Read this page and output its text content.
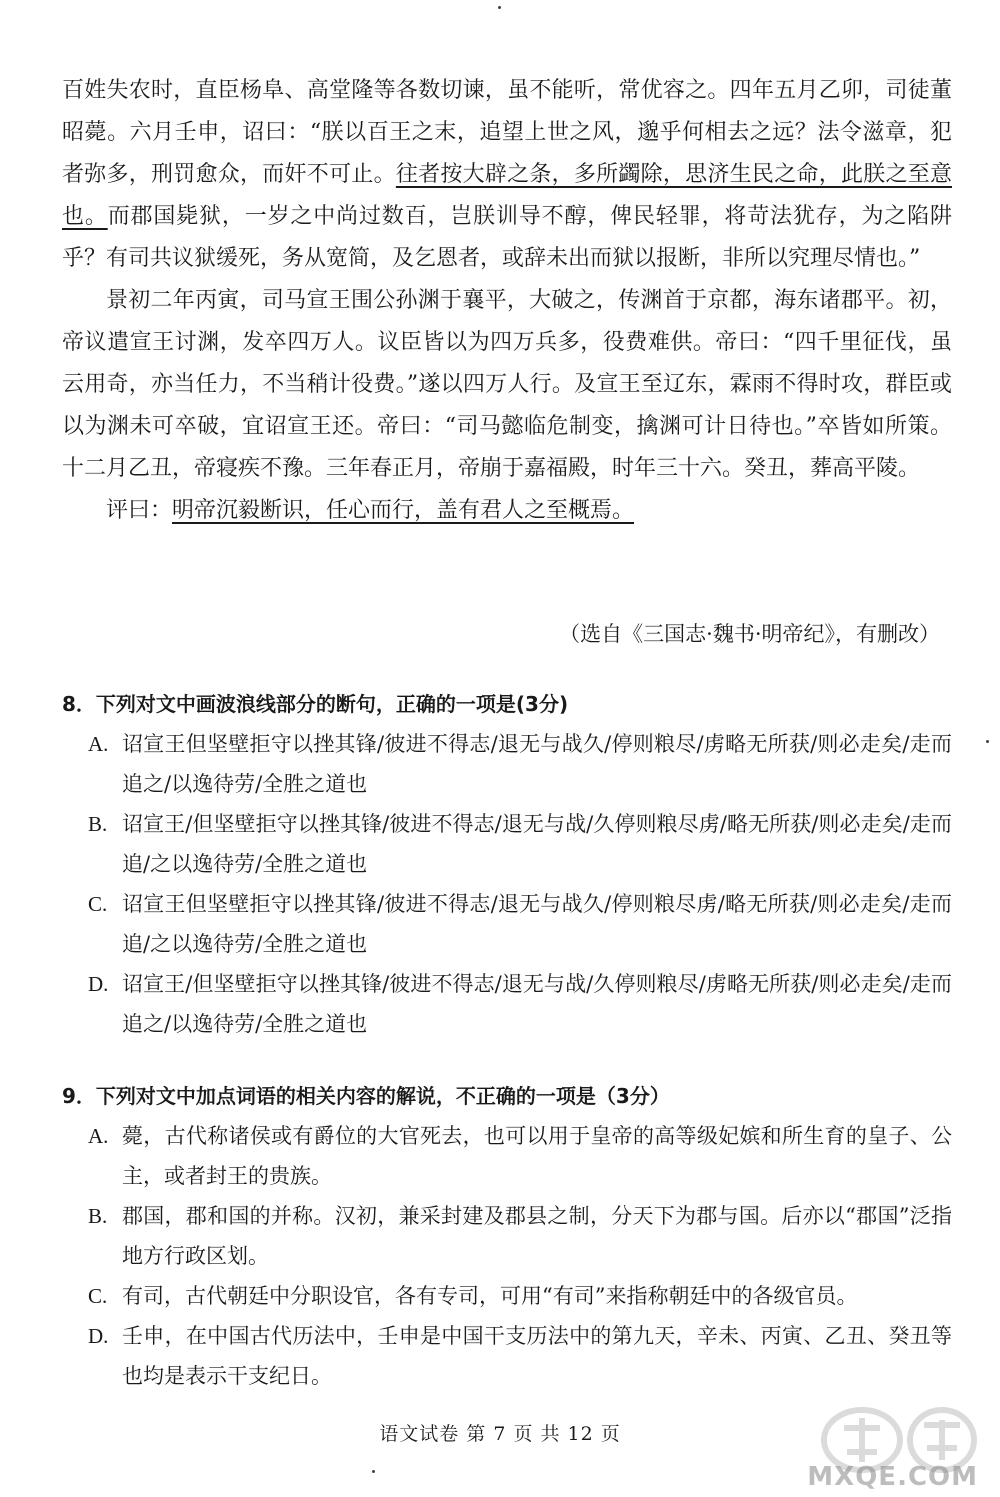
百姓失农时，直臣杨阜、高堂隆等各数切谏，虽不能听，常优容之。四年五月乙卯，司徒董昭薨。六月壬申，诏曰：“朕以百王之末，追望上世之风，邈乎何相去之远？法令滋章，犯者弥多，刑罚愈众，而奸不可止。往者按大辟之条，多所蠲除，思济生民之命，此朕之至意也。而郡国毙狱，一岁之中尚过数百，岂朕训导不醇，俾民轻罪，将苛法犹存，为之陷阱乎？有司共议狱缓死，务从宽简，及乞恩者，或辞未出而狱以报断，非所以究理尽情也。”

景初二年丙寅，司马宣王围公孙渊于襄平，大破之，传渊首于京都，海东诸郡平。初，帝议遣宣王讨渊，发卒四万人。议臣皆以为四万兵多，役费难供。帝曰：“四千里征伐，虽云用奇，亦当任力，不当稍计役费。”遂以四万人行。及宣王至辽东，霖雨不得时攻，群臣或以为渊未可卒破，宜诏宣王还。帝曰：“司马懿临危制变，擒渊可计日待也。”卒皆如所策。十二月乙丑，帝寝疾不豫。三年春正月，帝崩于嘉福殿，时年三十六。癸丑，葬高平陵。

评曰：明帝沉毅断识，任心而行，盖有君人之至概焉。

（选自《三国志·魏书·明帝纪》，有删改）
8．下列对文中画波浪线部分的断句，正确的一项是(3分)
A. 诏宣王但坚壁拒守以挫其锋/彼进不得志/退无与战久/停则粮尽/虏略无所获/则必走矣/走而追之/以逸待劳/全胜之道也
B. 诏宣王/但坚壁拒守以挫其锋/彼进不得志/退无与战/久停则粮尽虏/略无所获/则必走矣/走而追/之以逸待劳/全胜之道也
C. 诏宣王但坚壁拒守以挫其锋/彼进不得志/退无与战久/停则粮尽虏/略无所获/则必走矣/走而追/之以逸待劳/全胜之道也
D. 诏宣王/但坚壁拒守以挫其锋/彼进不得志/退无与战/久停则粮尽/虏略无所获/则必走矣/走而追之/以逸待劳/全胜之道也
9．下列对文中加点词语的相关内容的解说，不正确的一项是（3分）
A. 薨，古代称诸侯或有爵位的大官死去，也可以用于皇帝的高等级妃嫔和所生育的皇子、公主，或者封王的贵族。
B. 郡国，郡和国的并称。汉初，兼采封建及郡县之制，分天下为郡与国。后亦以“郡国”泛指地方行政区划。
C. 有司，古代朝廷中分职设官，各有专司，可用“有司”来指称朝廷中的各级官员。
D. 壬申，在中国古代历法中，壬申是中国干支历法中的第九天，辛未、丙寅、乙丑、癸丑等也均是表示干支纪日。
语文试卷 第 7 页 共 12 页
MXQE.COM
